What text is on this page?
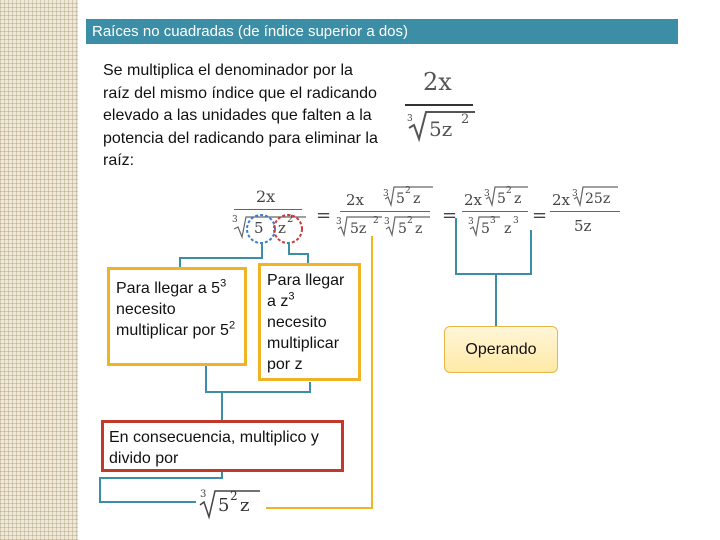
Raíces no cuadradas (de índice superior a dos)
Se multiplica el denominador por la raíz del mismo índice que el radicando elevado a las unidades que falten a la potencia del radicando para eliminar la raíz:
2x
3 5z 2
2x
3 5 z 2 =
2x 3 5 2 z
3 5z 2 3 5 2 z
=
2x 3 5 2 z
3 5 3 z 3 =
2x 3 25z
5z
Para llegar a $5^3$
necesito multiplicar por $5^2$
Para llegar a $z^3$
necesito multiplicar por z
En consecuencia, multiplico y divido por
Operando
3
5 2 z
